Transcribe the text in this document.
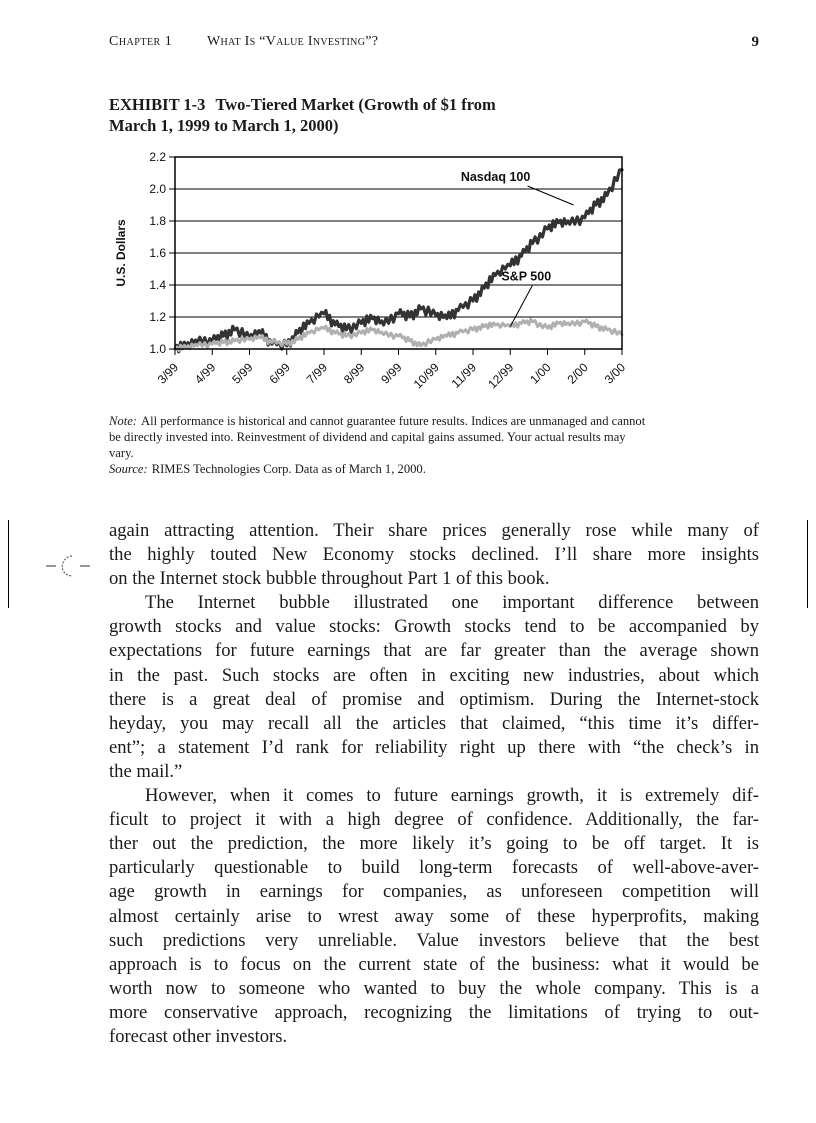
Chapter 1 What Is “Value Investing”?	9
EXHIBIT 1-3 Two-Tiered Market (Growth of $1 from
March 1, 1999 to March 1, 2000)
1.0
1.2
1.4
1.6
1.8
2.0
2.2
U.S. Dollars
3/99 4/99 5/99 6/99 7/99 8/99 9/99 10/99 11/99 12/99 1/00 2/00 3/00
Nasdaq 100
S&P 500

Note: All performance is historical and cannot guarantee future results. Indices are unmanaged and cannot be directly invested into. Reinvestment of dividend and capital gains assumed. Your actual results may vary.

Source: RIMES Technologies Corp. Data as of March 1, 2000.

again attracting attention. Their share prices generally rose while many of

the highly touted New Economy stocks declined. I’ll share more insights

on the Internet stock bubble throughout Part 1 of this book.

The Internet bubble illustrated one important difference between

growth stocks and value stocks: Growth stocks tend to be accompanied by

expectations for future earnings that are far greater than the average shown

in the past. Such stocks are often in exciting new industries, about which

there is a great deal of promise and optimism. During the Internet-stock

heyday, you may recall all the articles that claimed, “this time it’s differ-

ent”; a statement I’d rank for reliability right up there with “the check’s in

the mail.”

However, when it comes to future earnings growth, it is extremely dif-

ficult to project it with a high degree of confidence. Additionally, the far-

ther out the prediction, the more likely it’s going to be off target. It is

particularly questionable to build long-term forecasts of well-above-aver-

age growth in earnings for companies, as unforeseen competition will

almost certainly arise to wrest away some of these hyperprofits, making

such predictions very unreliable. Value investors believe that the best

approach is to focus on the current state of the business: what it would be

worth now to someone who wanted to buy the whole company. This is a

more conservative approach, recognizing the limitations of trying to out-

forecast other investors.
